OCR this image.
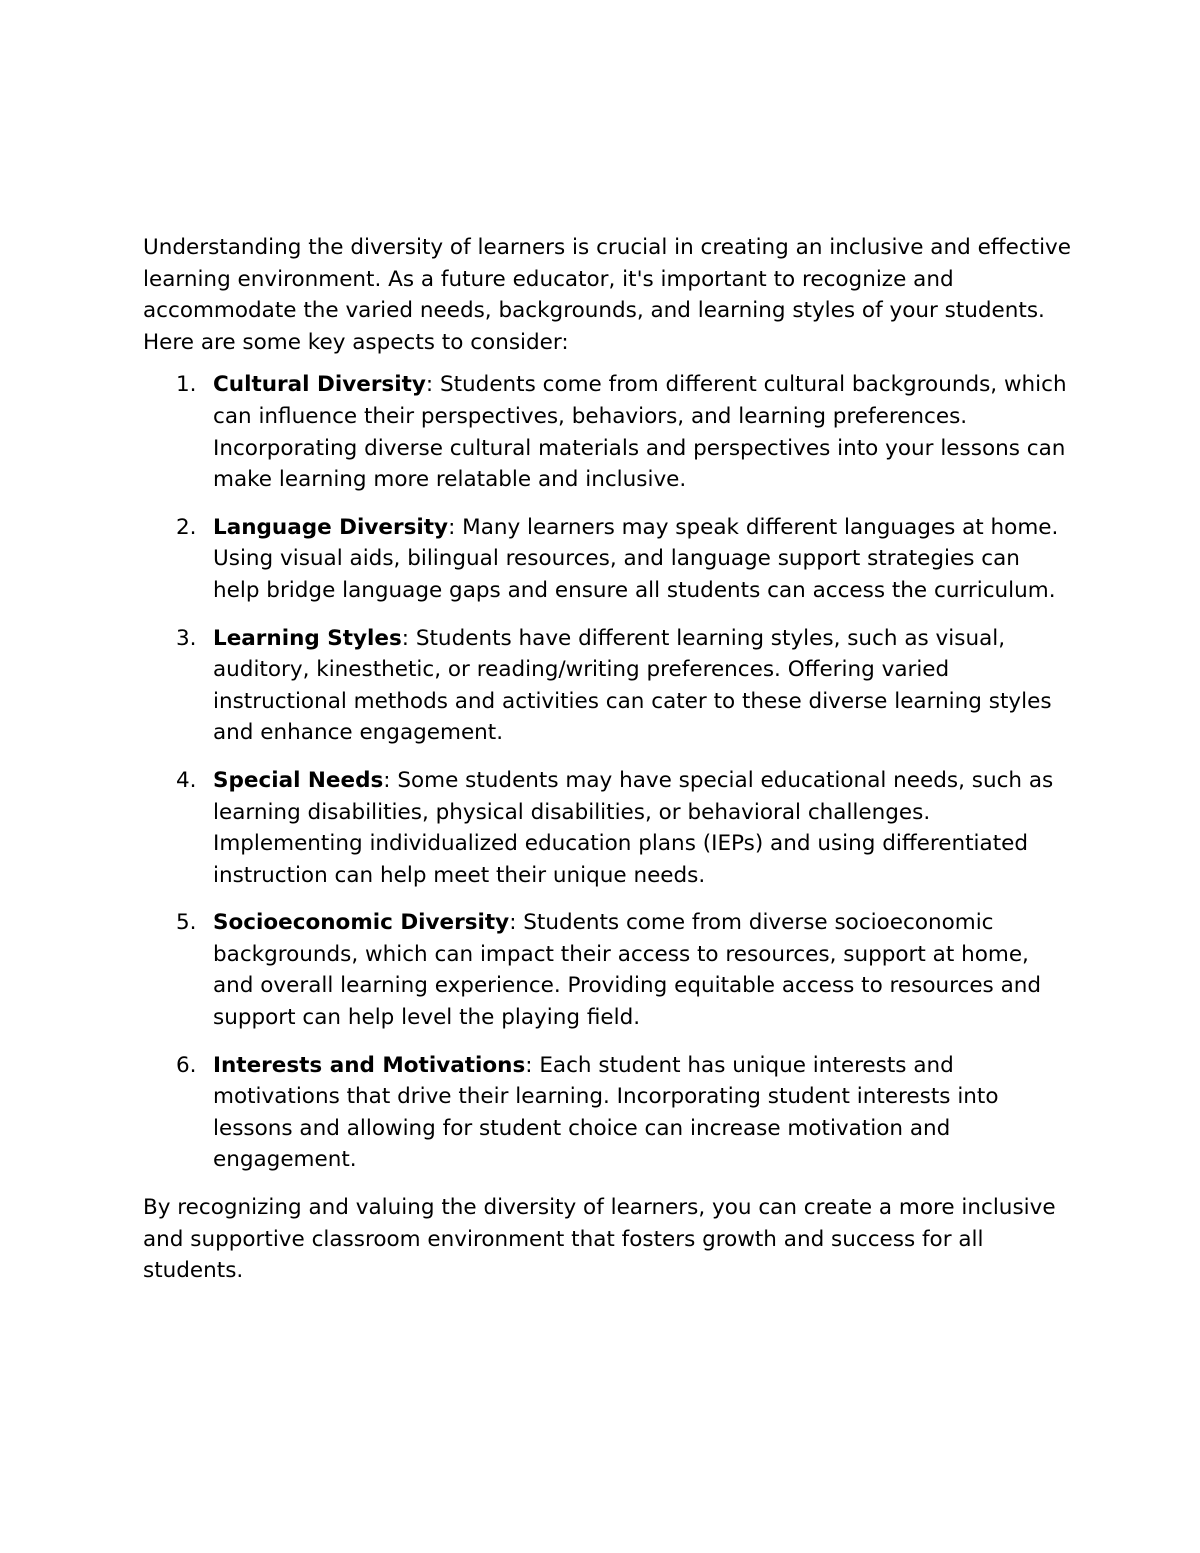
Understanding the diversity of learners is crucial in creating an inclusive and effective learning environment. As a future educator, it's important to recognize and accommodate the varied needs, backgrounds, and learning styles of your students. Here are some key aspects to consider:

1. Cultural Diversity: Students come from different cultural backgrounds, which can influence their perspectives, behaviors, and learning preferences. Incorporating diverse cultural materials and perspectives into your lessons can make learning more relatable and inclusive.
2. Language Diversity: Many learners may speak different languages at home. Using visual aids, bilingual resources, and language support strategies can help bridge language gaps and ensure all students can access the curriculum.
3. Learning Styles: Students have different learning styles, such as visual, auditory, kinesthetic, or reading/writing preferences. Offering varied instructional methods and activities can cater to these diverse learning styles and enhance engagement.
4. Special Needs: Some students may have special educational needs, such as learning disabilities, physical disabilities, or behavioral challenges. Implementing individualized education plans (IEPs) and using differentiated instruction can help meet their unique needs.
5. Socioeconomic Diversity: Students come from diverse socioeconomic backgrounds, which can impact their access to resources, support at home, and overall learning experience. Providing equitable access to resources and support can help level the playing field.
6. Interests and Motivations: Each student has unique interests and motivations that drive their learning. Incorporating student interests into lessons and allowing for student choice can increase motivation and engagement.

By recognizing and valuing the diversity of learners, you can create a more inclusive and supportive classroom environment that fosters growth and success for all students.
